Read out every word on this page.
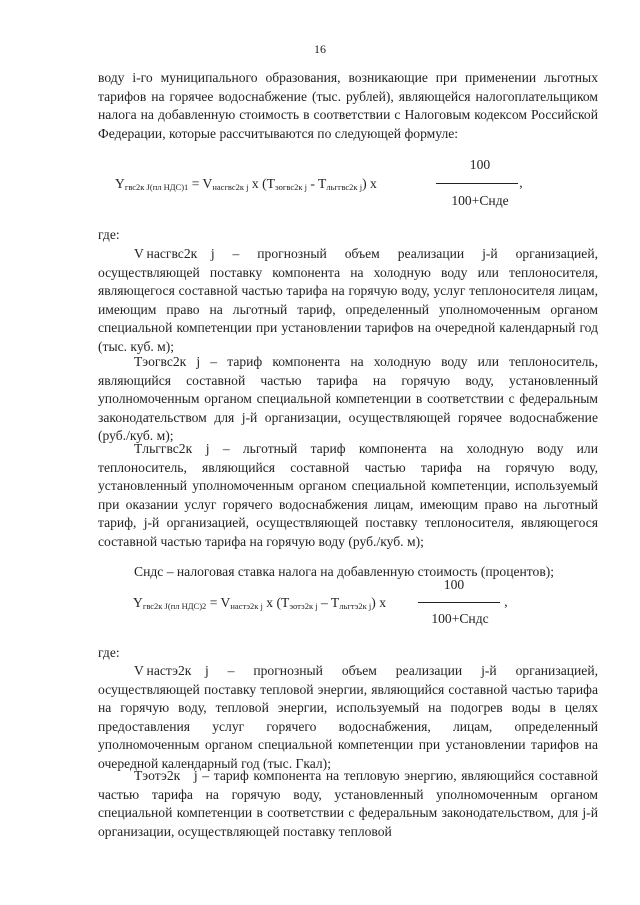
16

воду i-го муниципального образования, возникающие при применении льготных тарифов на горячее водоснабжение (тыс. рублей), являющейся налогоплательщиком налога на добавленную стоимость в соответствии с Налоговым кодексом Российской Федерации, которые рассчитываются по следующей формуле:

$Y_{гвс2к J(пл НДС)1} = V_{насгвс2к j}$ x $(T_{эогвс2к j} - T_{льггвс2к j})$ x
100
,
100+Снде
где:

V насгвс2к j – прогнозный объем реализации j-й организацией, осуществляющей поставку компонента на холодную воду или теплоносителя, являющегося составной частью тарифа на горячую воду, услуг теплоносителя лицам, имеющим право на льготный тариф, определенный уполномоченным органом специальной компетенции при установлении тарифов на очередной календарный год (тыс. куб. м);

Tэогвс2к j – тариф компонента на холодную воду или теплоноситель, являющийся составной частью тарифа на горячую воду, установленный уполномоченным органом специальной компетенции в соответствии с федеральным законодательством для j-й организации, осуществляющей горячее водоснабжение (руб./куб. м);

Tльггвс2к j – льготный тариф компонента на холодную воду или теплоноситель, являющийся составной частью тарифа на горячую воду, установленный уполномоченным органом специальной компетенции, используемый при оказании услуг горячего водоснабжения лицам, имеющим право на льготный тариф, j-й организацией, осуществляющей поставку теплоносителя, являющегося составной частью тарифа на горячую воду (руб./куб. м);

Сндс – налоговая ставка налога на добавленную стоимость (процентов);

$Y_{гвс2к J(пл НДС)2} = V_{настэ2к j}$ x $(T_{эотэ2к j} - T_{льгтэ2к j})$ x
100
,
100+Сндс
где:

V настэ2к j – прогнозный объем реализации j-й организацией, осуществляющей поставку тепловой энергии, являющийся составной частью тарифа на горячую воду, тепловой энергии, используемый на подогрев воды в целях предоставления услуг горячего водоснабжения, лицам, определенный уполномоченным органом специальной компетенции при установлении тарифов на очередной календарный год (тыс. Гкал);

Tэотэ2к j – тариф компонента на тепловую энергию, являющийся составной частью тарифа на горячую воду, установленный уполномоченным органом специальной компетенции в соответствии с федеральным законодательством, для j-й организации, осуществляющей поставку тепловой
